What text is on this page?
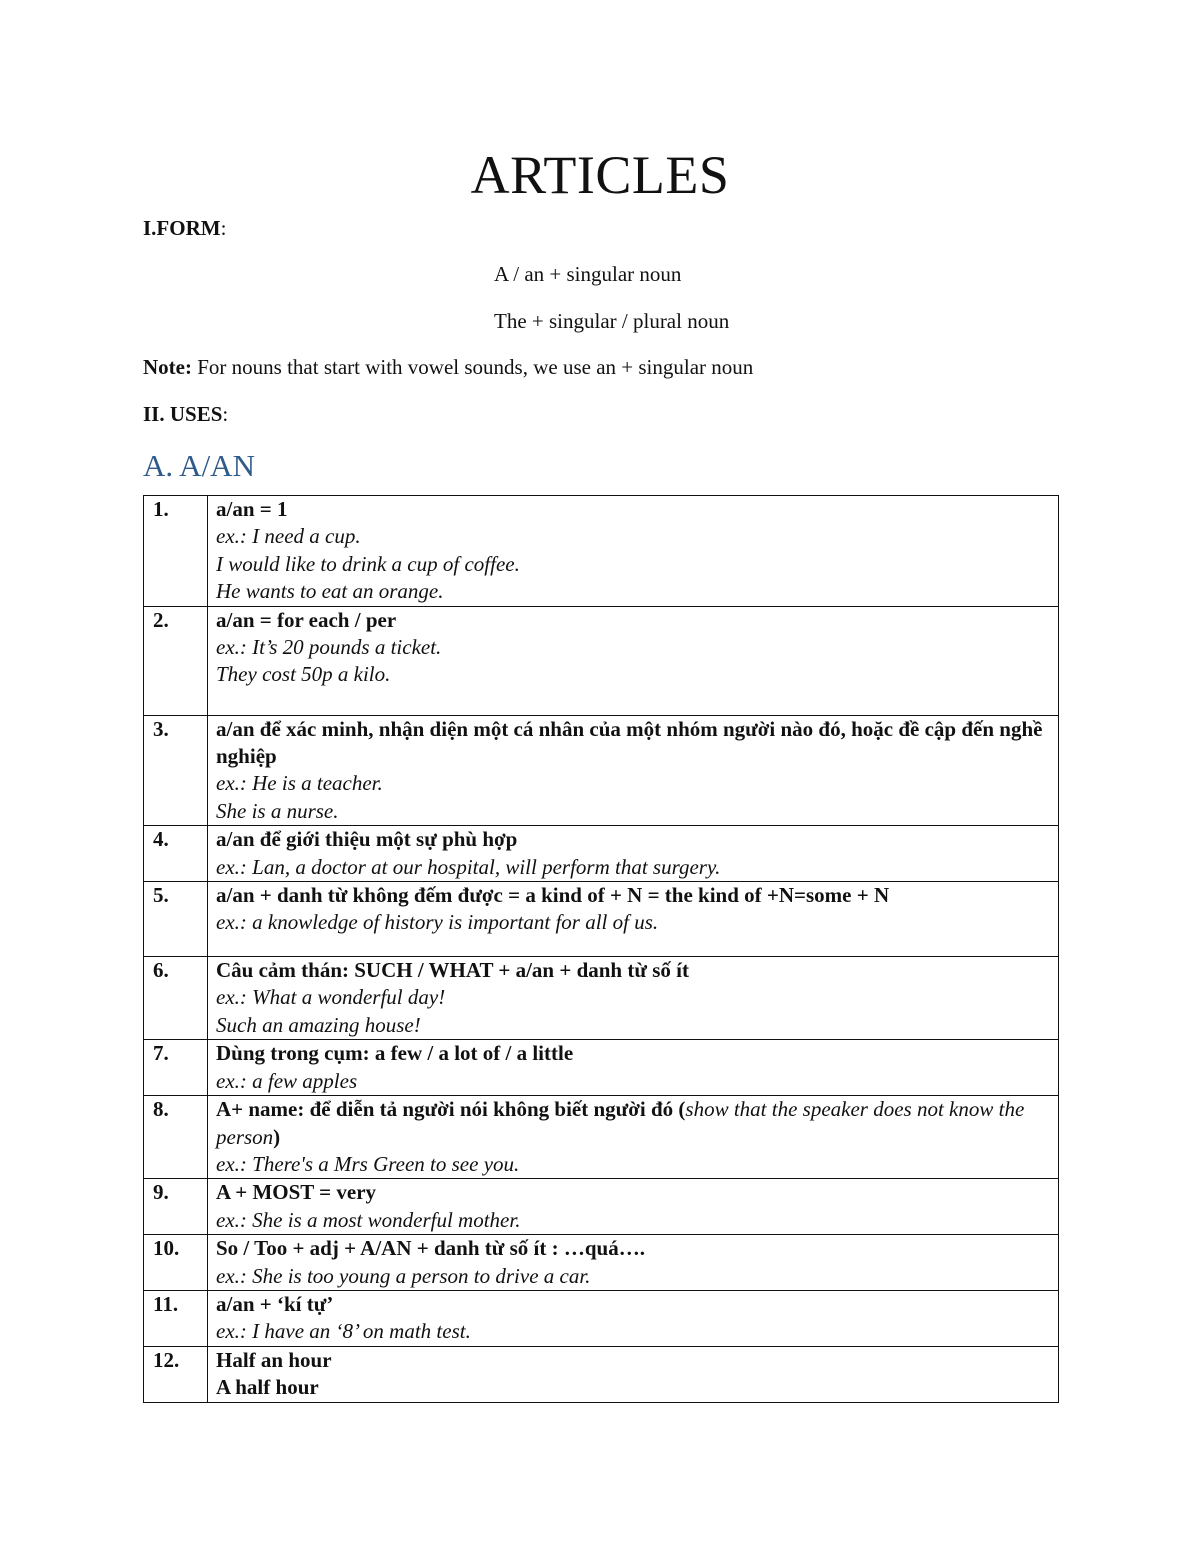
ARTICLES
I.FORM:
A / an + singular noun
The + singular / plural noun
Note: For nouns that start with vowel sounds, we use an + singular noun
II. USES:
A. A/AN
1.	a/an = 1
ex.: I need a cup.
I would like to drink a cup of coffee.
He wants to eat an orange.

2.	a/an = for each / per
ex.: It’s 20 pounds a ticket.
They cost 50p a kilo.

3.	a/an để xác minh, nhận diện một cá nhân của một nhóm người nào đó, hoặc đề cập đến nghề nghiệp
ex.: He is a teacher.
She is a nurse.

4.	a/an để giới thiệu một sự phù hợp
ex.: Lan, a doctor at our hospital, will perform that surgery.

5.	a/an + danh từ không đếm được = a kind of + N = the kind of +N=some + N
ex.: a knowledge of history is important for all of us.

6.	Câu cảm thán: SUCH / WHAT + a/an + danh từ số ít
ex.: What a wonderful day!
Such an amazing house!

7.	Dùng trong cụm: a few / a lot of / a little
ex.: a few apples

8.	A+ name: để diễn tả người nói không biết người đó (show that the speaker does not know the person)
ex.: There's a Mrs Green to see you.

9.	A + MOST = very
ex.: She is a most wonderful mother.

10.	So / Too + adj + A/AN + danh từ số ít : …quá….
ex.: She is too young a person to drive a car.

11.	a/an + ‘kí tự’
ex.: I have an ‘8’ on math test.

12.	Half an hour
A half hour
